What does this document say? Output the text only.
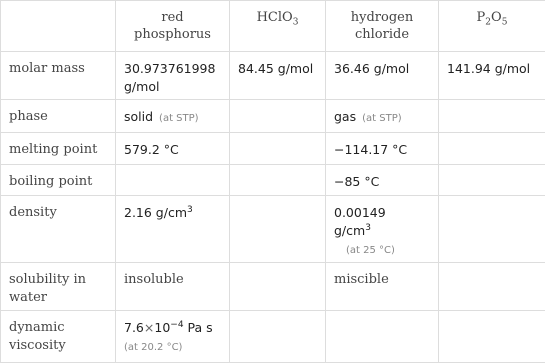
	red phosphorus	HClO$_3$	hydrogen chloride	$P_2O_5$
molar mass	30.973761998 g/mol	84.45 g/mol	36.46 g/mol	141.94 g/mol
phase	solid (at STP)		gas (at STP)	
melting point	579.2 °C		−114.17 °C	
boiling point			−85 °C	
density	2.16 $g/cm^3$		0.00149
$g/cm^3$
(at 25 °C)	

solubility in water	insoluble		miscible	
dynamic viscosity	$7.6\times 10^{-4}$ Pa s
(at 20.2 °C)			
